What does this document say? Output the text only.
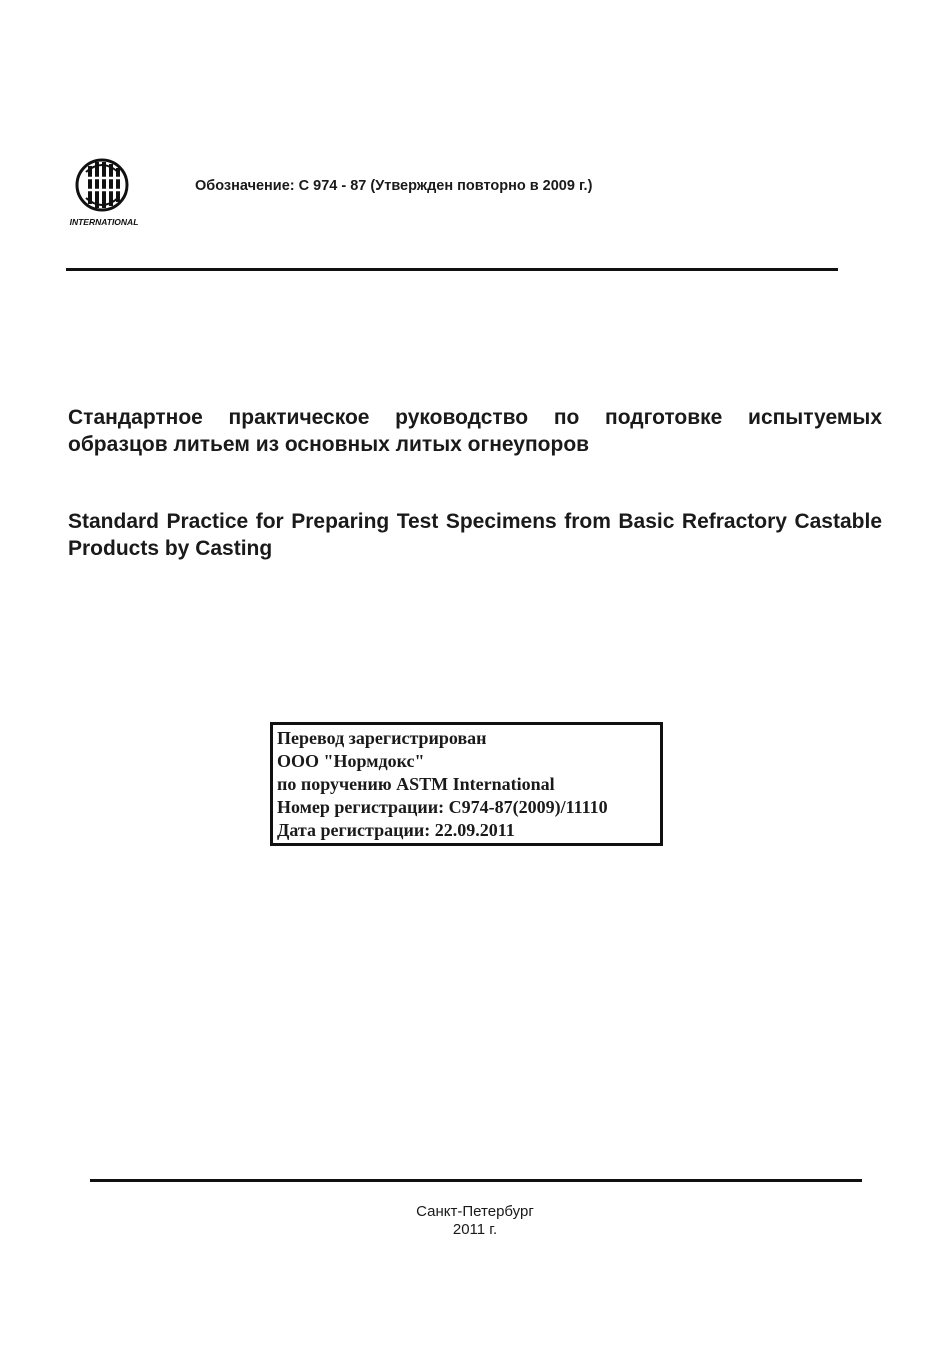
INTERNATIONAL
Обозначение: С 974 - 87 (Утвержден повторно в 2009 г.)
Стандартное практическое руководство по подготовке испытуемых образцов литьем из основных литых огнеупоров
Standard Practice for Preparing Test Specimens from Basic Refractory Castable Products by Casting
Перевод зарегистрирован
ООО "Нормдокс"
по поручению ASTM International
Номер регистрации: С974-87(2009)/11110
Дата регистрации: 22.09.2011
Санкт-Петербург
2011 г.
